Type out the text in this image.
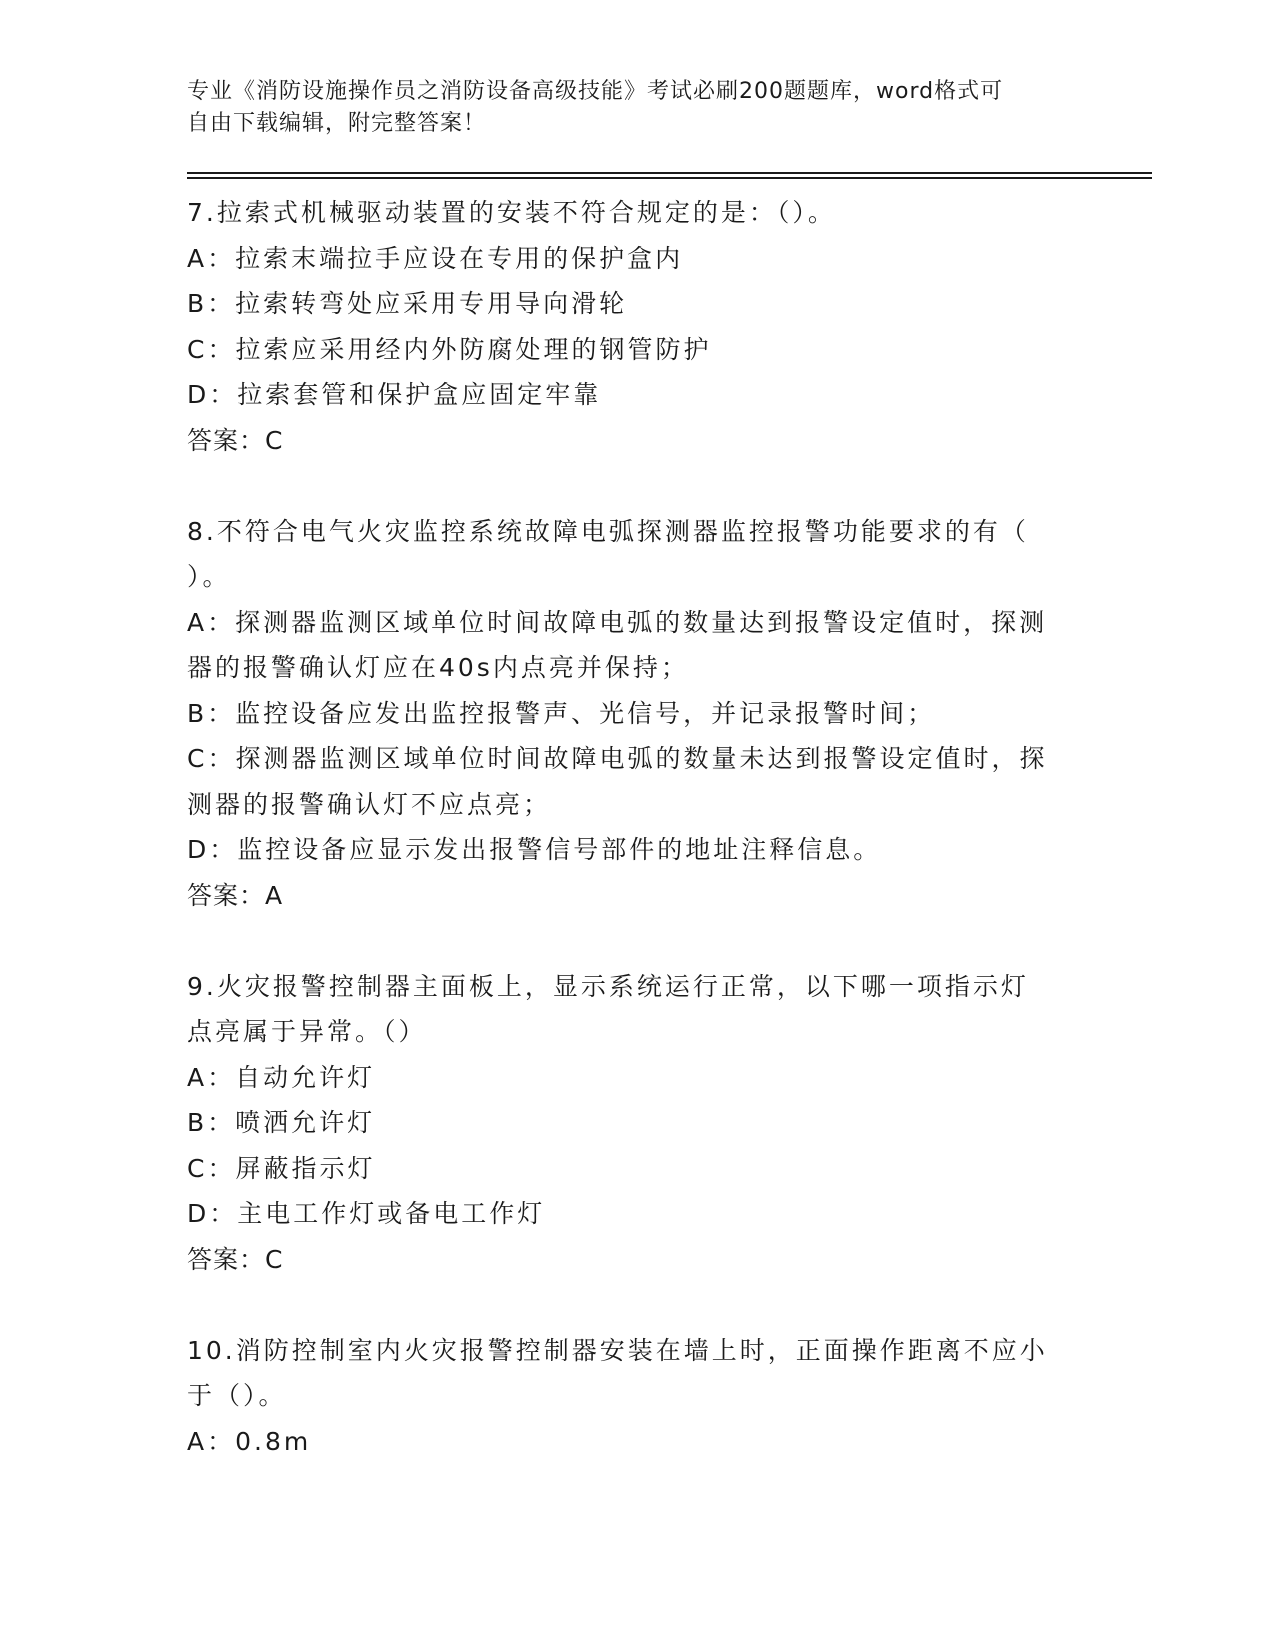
专业《消防设施操作员之消防设备高级技能》考试必刷200题题库，word格式可
自由下载编辑，附完整答案！
7.拉索式机械驱动装置的安装不符合规定的是：（）。
A：拉索末端拉手应设在专用的保护盒内
B：拉索转弯处应采用专用导向滑轮
C：拉索应采用经内外防腐处理的钢管防护
D：拉索套管和保护盒应固定牢靠
答案：C
8.不符合电气火灾监控系统故障电弧探测器监控报警功能要求的有（
）。
A：探测器监测区域单位时间故障电弧的数量达到报警设定值时，探测
器的报警确认灯应在40s内点亮并保持；
B：监控设备应发出监控报警声、光信号，并记录报警时间；
C：探测器监测区域单位时间故障电弧的数量未达到报警设定值时，探
测器的报警确认灯不应点亮；
D：监控设备应显示发出报警信号部件的地址注释信息。
答案：A
9.火灾报警控制器主面板上，显示系统运行正常，以下哪一项指示灯
点亮属于异常。（）
A：自动允许灯
B：喷洒允许灯
C：屏蔽指示灯
D：主电工作灯或备电工作灯
答案：C
10.消防控制室内火灾报警控制器安装在墙上时，正面操作距离不应小
于（）。
A：0.8m
